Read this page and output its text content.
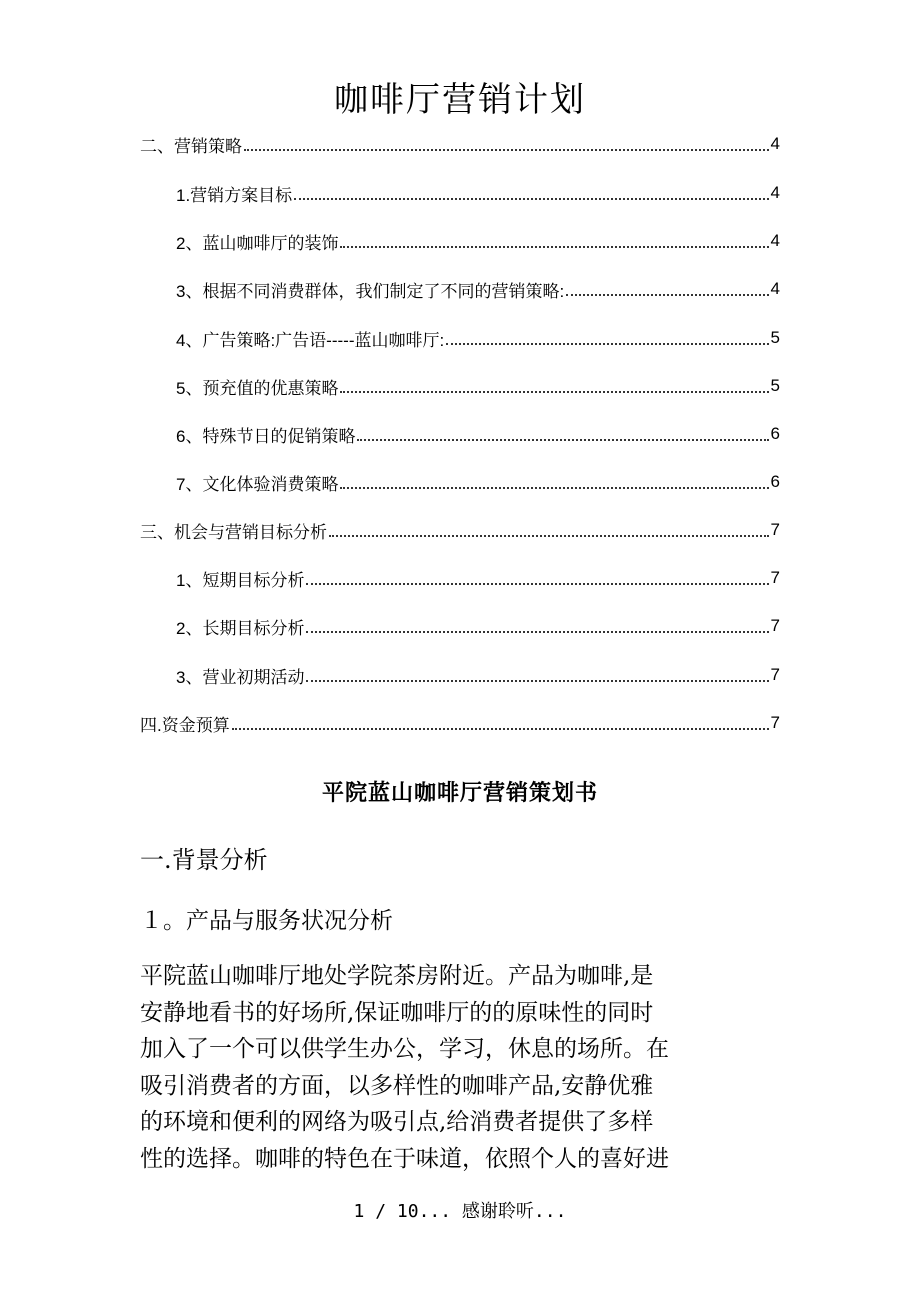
咖啡厅营销计划
二、营销策略	4
1.营销方案目标	4
2、蓝山咖啡厅的装饰	4
3、根据不同消费群体，我们制定了不同的营销策略:	4
4、广告策略:广告语-----蓝山咖啡厅:	5
5、预充值的优惠策略	5
6、特殊节日的促销策略	6
7、文化体验消费策略	6
三、机会与营销目标分析	7
1、短期目标分析	7
2、长期目标分析	7
3、营业初期活动	7
四.资金预算	7
平院蓝山咖啡厅营销策划书
一.背景分析
１。产品与服务状况分析

平院蓝山咖啡厅地处学院茶房附近。产品为咖啡,是
安静地看书的好场所,保证咖啡厅的的原味性的同时
加入了一个可以供学生办公，学习，休息的场所。在
吸引消费者的方面，以多样性的咖啡产品,安静优雅
的环境和便利的网络为吸引点,给消费者提供了多样
性的选择。咖啡的特色在于味道，依照个人的喜好进

1 / 10... 感谢聆听...
